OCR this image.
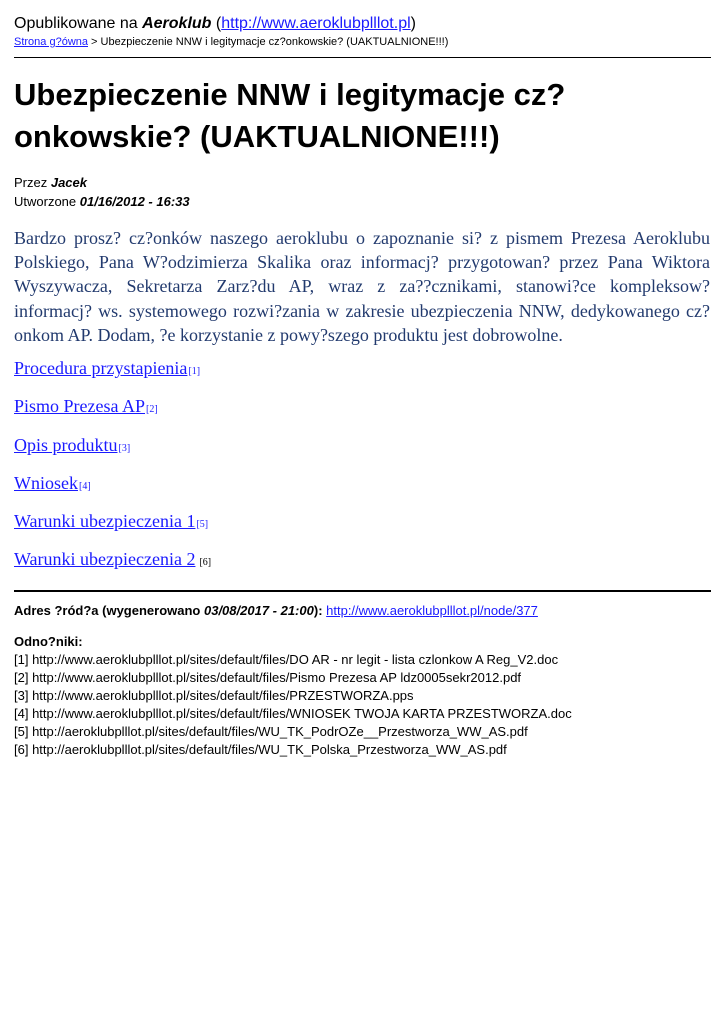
Opublikowane na Aeroklub (http://www.aeroklubplllot.pl)
Strona g?ówna > Ubezpieczenie NNW i legitymacje cz?onkowskie? (UAKTUALNIONE!!!)
Ubezpieczenie NNW i legitymacje cz?onkowskie? (UAKTUALNIONE!!!)
Przez Jacek
Utworzone 01/16/2012 - 16:33

Bardzo prosz? cz?onków naszego aeroklubu o zapoznanie si? z pismem Prezesa Aeroklubu Polskiego, Pana W?odzimierza Skalika oraz informacj? przygotowan? przez Pana Wiktora Wyszywacza, Sekretarza Zarz?du AP, wraz z za??cznikami, stanowi?ce kompleksow? informacj? ws. systemowego rozwi?zania w zakresie ubezpieczenia NNW, dedykowanego cz?onkom AP. Dodam, ?e korzystanie z powy?szego produktu jest dobrowolne.

Procedura przystapienia[1]
Pismo Prezesa AP[2]
Opis produktu[3]
Wniosek[4]
Warunki ubezpieczenia 1[5]
Warunki ubezpieczenia 2 [6]
Adres ?ród?a (wygenerowano 03/08/2017 - 21:00): http://www.aeroklubplllot.pl/node/377
Odno?niki:
[1] http://www.aeroklubplllot.pl/sites/default/files/DO AR - nr legit - lista czlonkow A Reg_V2.doc
[2] http://www.aeroklubplllot.pl/sites/default/files/Pismo Prezesa AP ldz0005sekr2012.pdf
[3] http://www.aeroklubplllot.pl/sites/default/files/PRZESTWORZA.pps
[4] http://www.aeroklubplllot.pl/sites/default/files/WNIOSEK TWOJA KARTA PRZESTWORZA.doc
[5] http://aeroklubplllot.pl/sites/default/files/WU_TK_PodrOZe__Przestworza_WW_AS.pdf
[6] http://aeroklubplllot.pl/sites/default/files/WU_TK_Polska_Przestworza_WW_AS.pdf
